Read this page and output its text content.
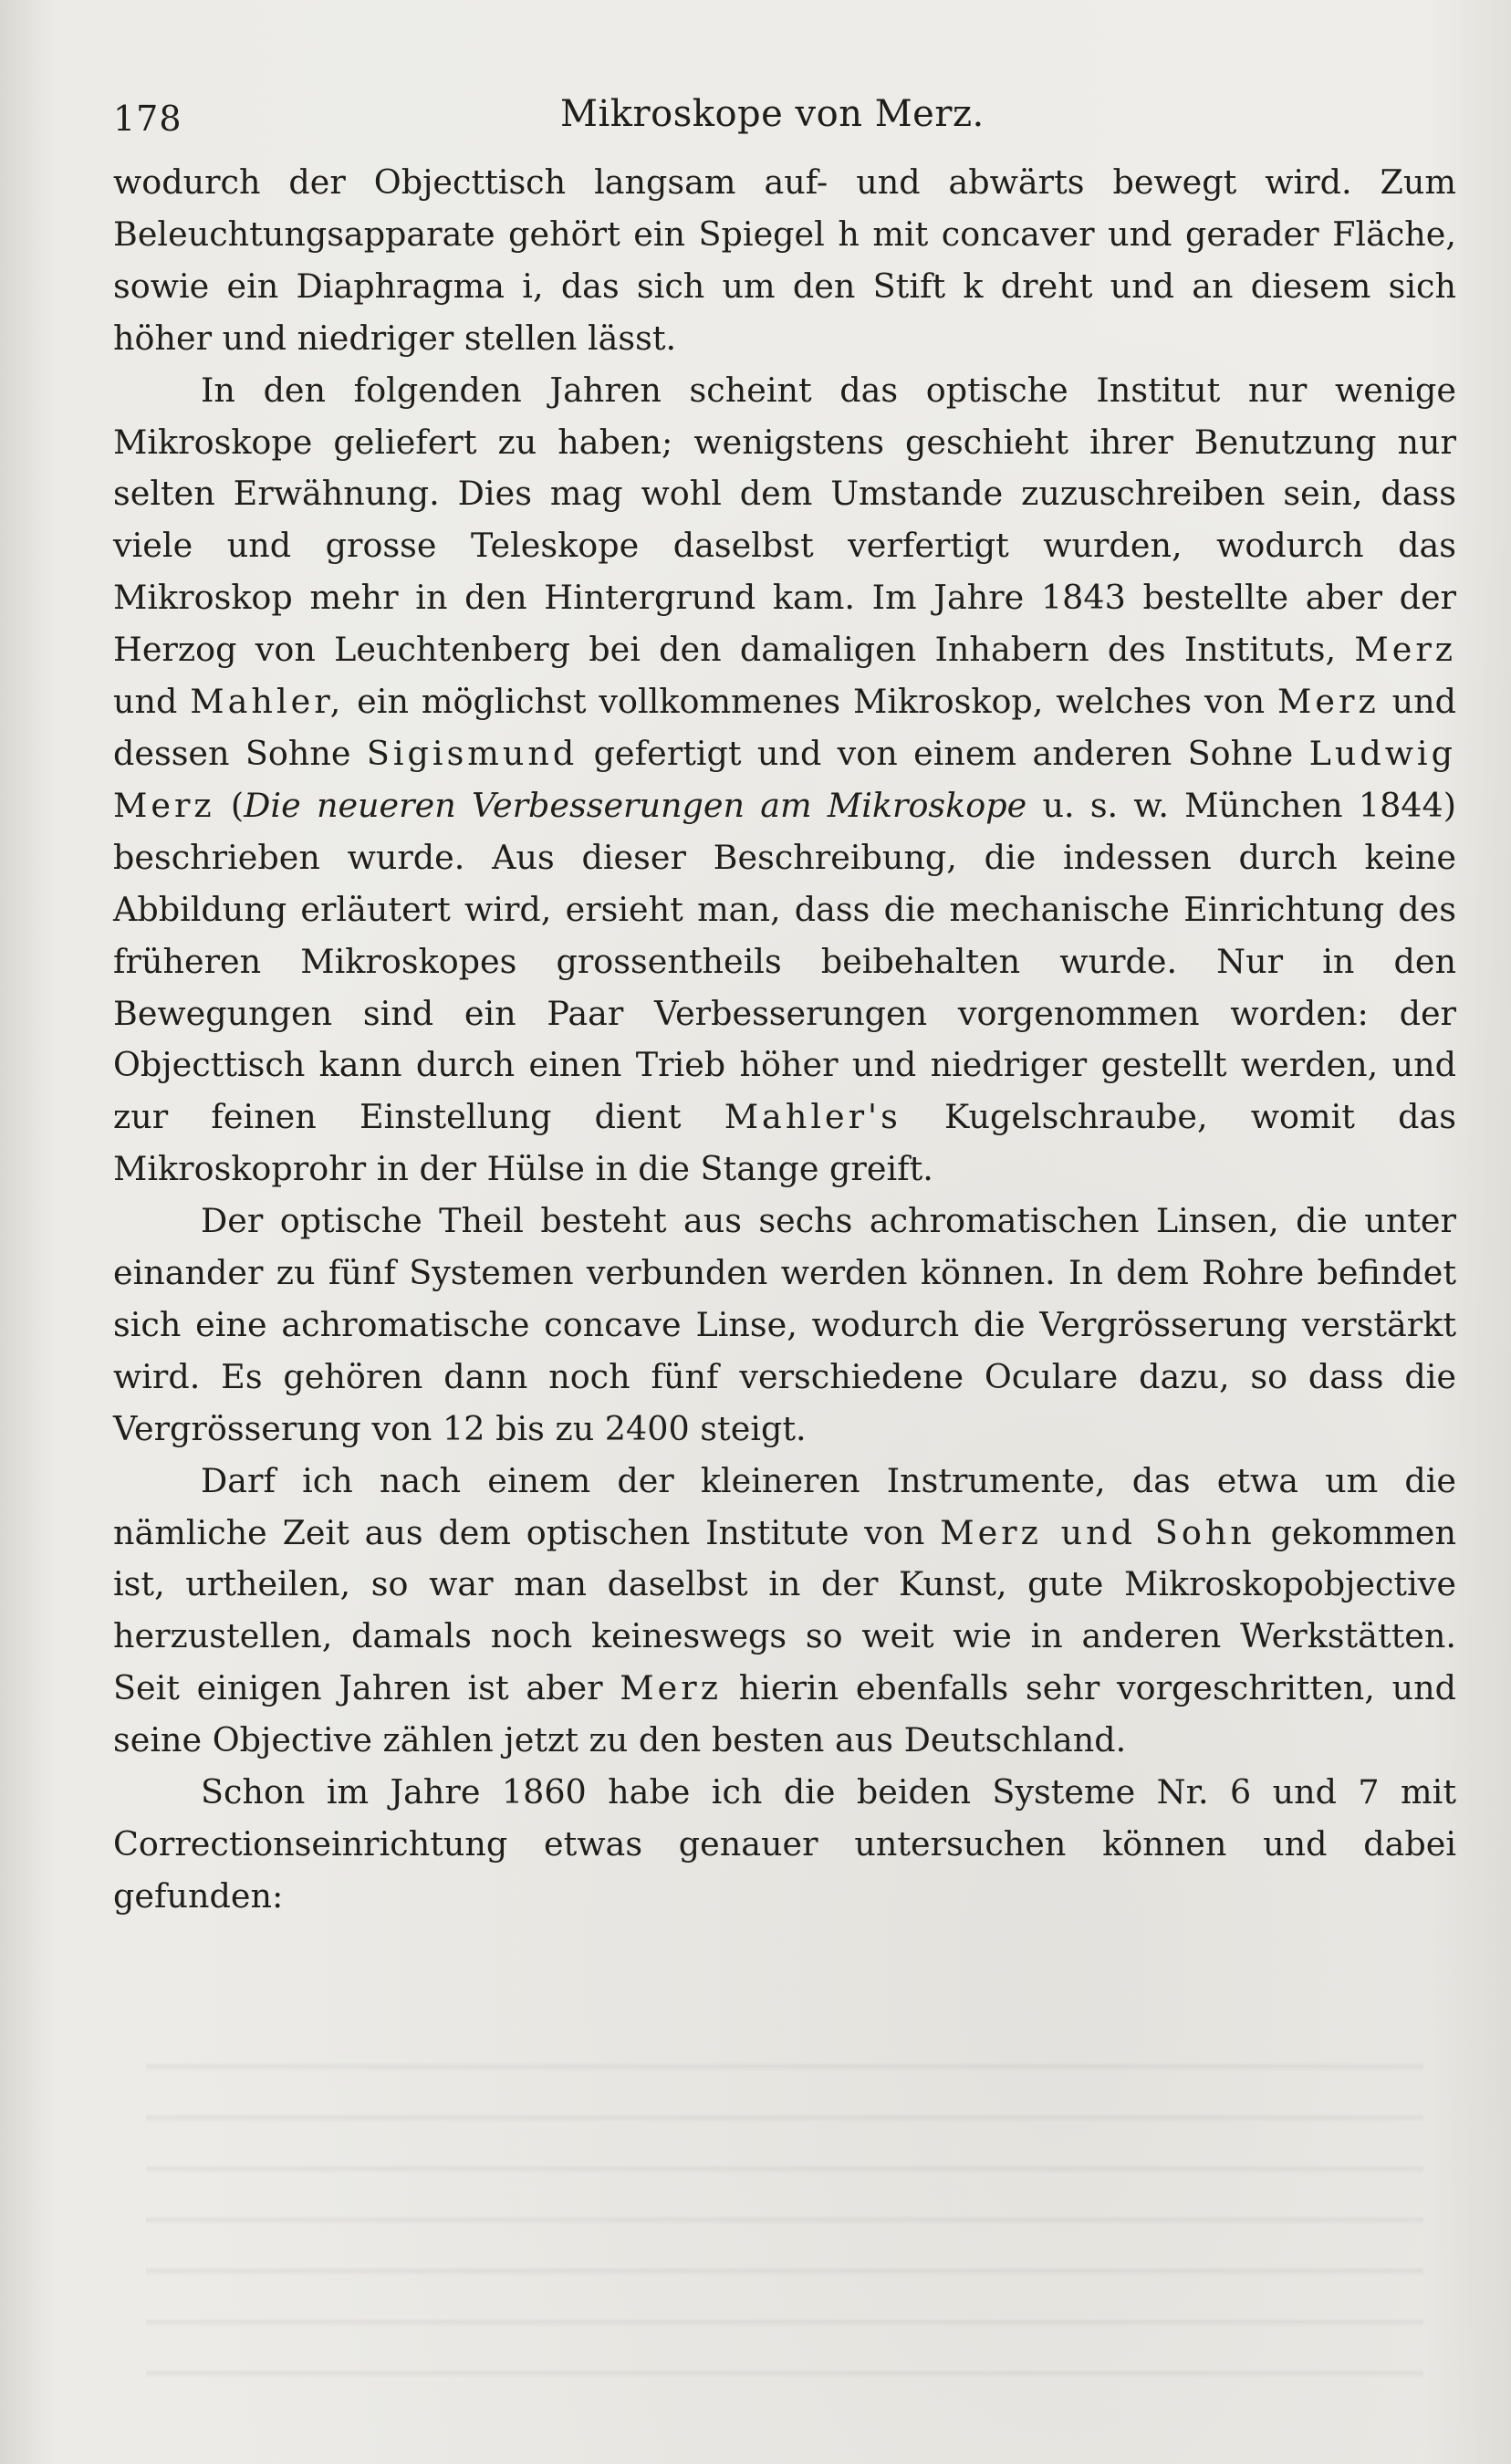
178	Mikroskope von Merz.

wodurch der Objecttisch langsam auf- und abwärts bewegt wird. Zum Beleuchtungsapparate gehört ein Spiegel h mit concaver und gerader Fläche, sowie ein Diaphragma i, das sich um den Stift k dreht und an diesem sich höher und niedriger stellen lässt.

In den folgenden Jahren scheint das optische Institut nur wenige Mikroskope geliefert zu haben; wenigstens geschieht ihrer Benutzung nur selten Erwähnung. Dies mag wohl dem Umstande zuzuschreiben sein, dass viele und grosse Teleskope daselbst verfertigt wurden, wodurch das Mikroskop mehr in den Hintergrund kam. Im Jahre 1843 bestellte aber der Herzog von Leuchtenberg bei den damaligen Inhabern des Instituts, Merz und Mahler, ein möglichst vollkommenes Mikroskop, welches von Merz und dessen Sohne Sigismund gefertigt und von einem anderen Sohne Ludwig Merz (Die neueren Verbesserungen am Mikroskope u. s. w. München 1844) beschrieben wurde. Aus dieser Beschreibung, die indessen durch keine Abbildung erläutert wird, ersieht man, dass die mechanische Einrichtung des früheren Mikroskopes grossentheils beibehalten wurde. Nur in den Bewegungen sind ein Paar Verbesserungen vorgenommen worden: der Objecttisch kann durch einen Trieb höher und niedriger gestellt werden, und zur feinen Einstellung dient Mahler's Kugelschraube, womit das Mikroskoprohr in der Hülse in die Stange greift.

Der optische Theil besteht aus sechs achromatischen Linsen, die unter einander zu fünf Systemen verbunden werden können. In dem Rohre befindet sich eine achromatische concave Linse, wodurch die Vergrösserung verstärkt wird. Es gehören dann noch fünf verschiedene Oculare dazu, so dass die Vergrösserung von 12 bis zu 2400 steigt.

Darf ich nach einem der kleineren Instrumente, das etwa um die nämliche Zeit aus dem optischen Institute von Merz und Sohn gekommen ist, urtheilen, so war man daselbst in der Kunst, gute Mikroskopobjective herzustellen, damals noch keineswegs so weit wie in anderen Werkstätten. Seit einigen Jahren ist aber Merz hierin ebenfalls sehr vorgeschritten, und seine Objective zählen jetzt zu den besten aus Deutschland.

Schon im Jahre 1860 habe ich die beiden Systeme Nr. 6 und 7 mit Correctionseinrichtung etwas genauer untersuchen können und dabei gefunden:
